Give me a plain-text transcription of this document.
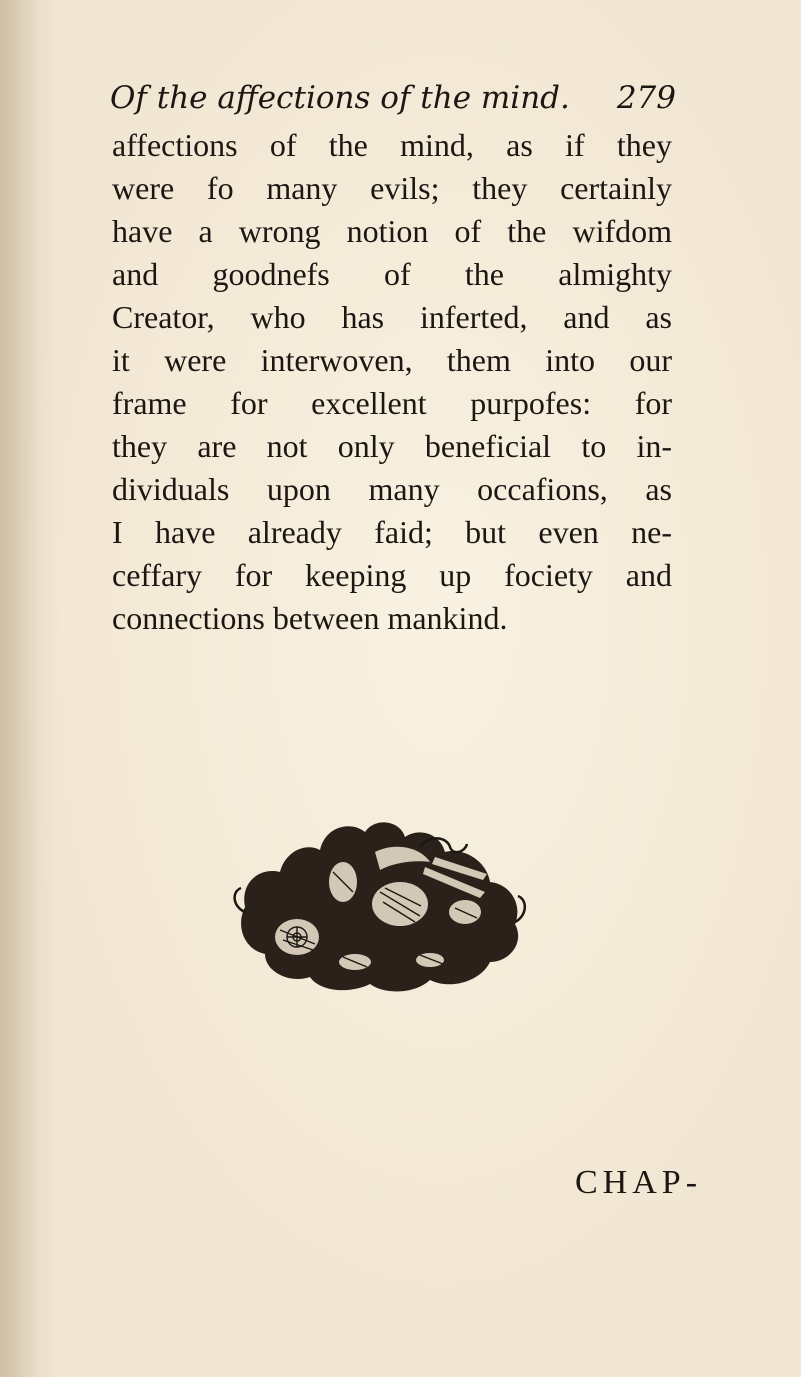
Of the affections of the mind. 279
affections of the mind, as if they
were fo many evils; they certainly
have a wrong notion of the wifdom
and goodnefs of the almighty
Creator, who has inferted, and as
it were interwoven, them into our
frame for excellent purpofes: for
they are not only beneficial to in-
dividuals upon many occafions, as
I have already faid; but even ne-
ceffary for keeping up fociety and
connections between mankind.
CHAP-
